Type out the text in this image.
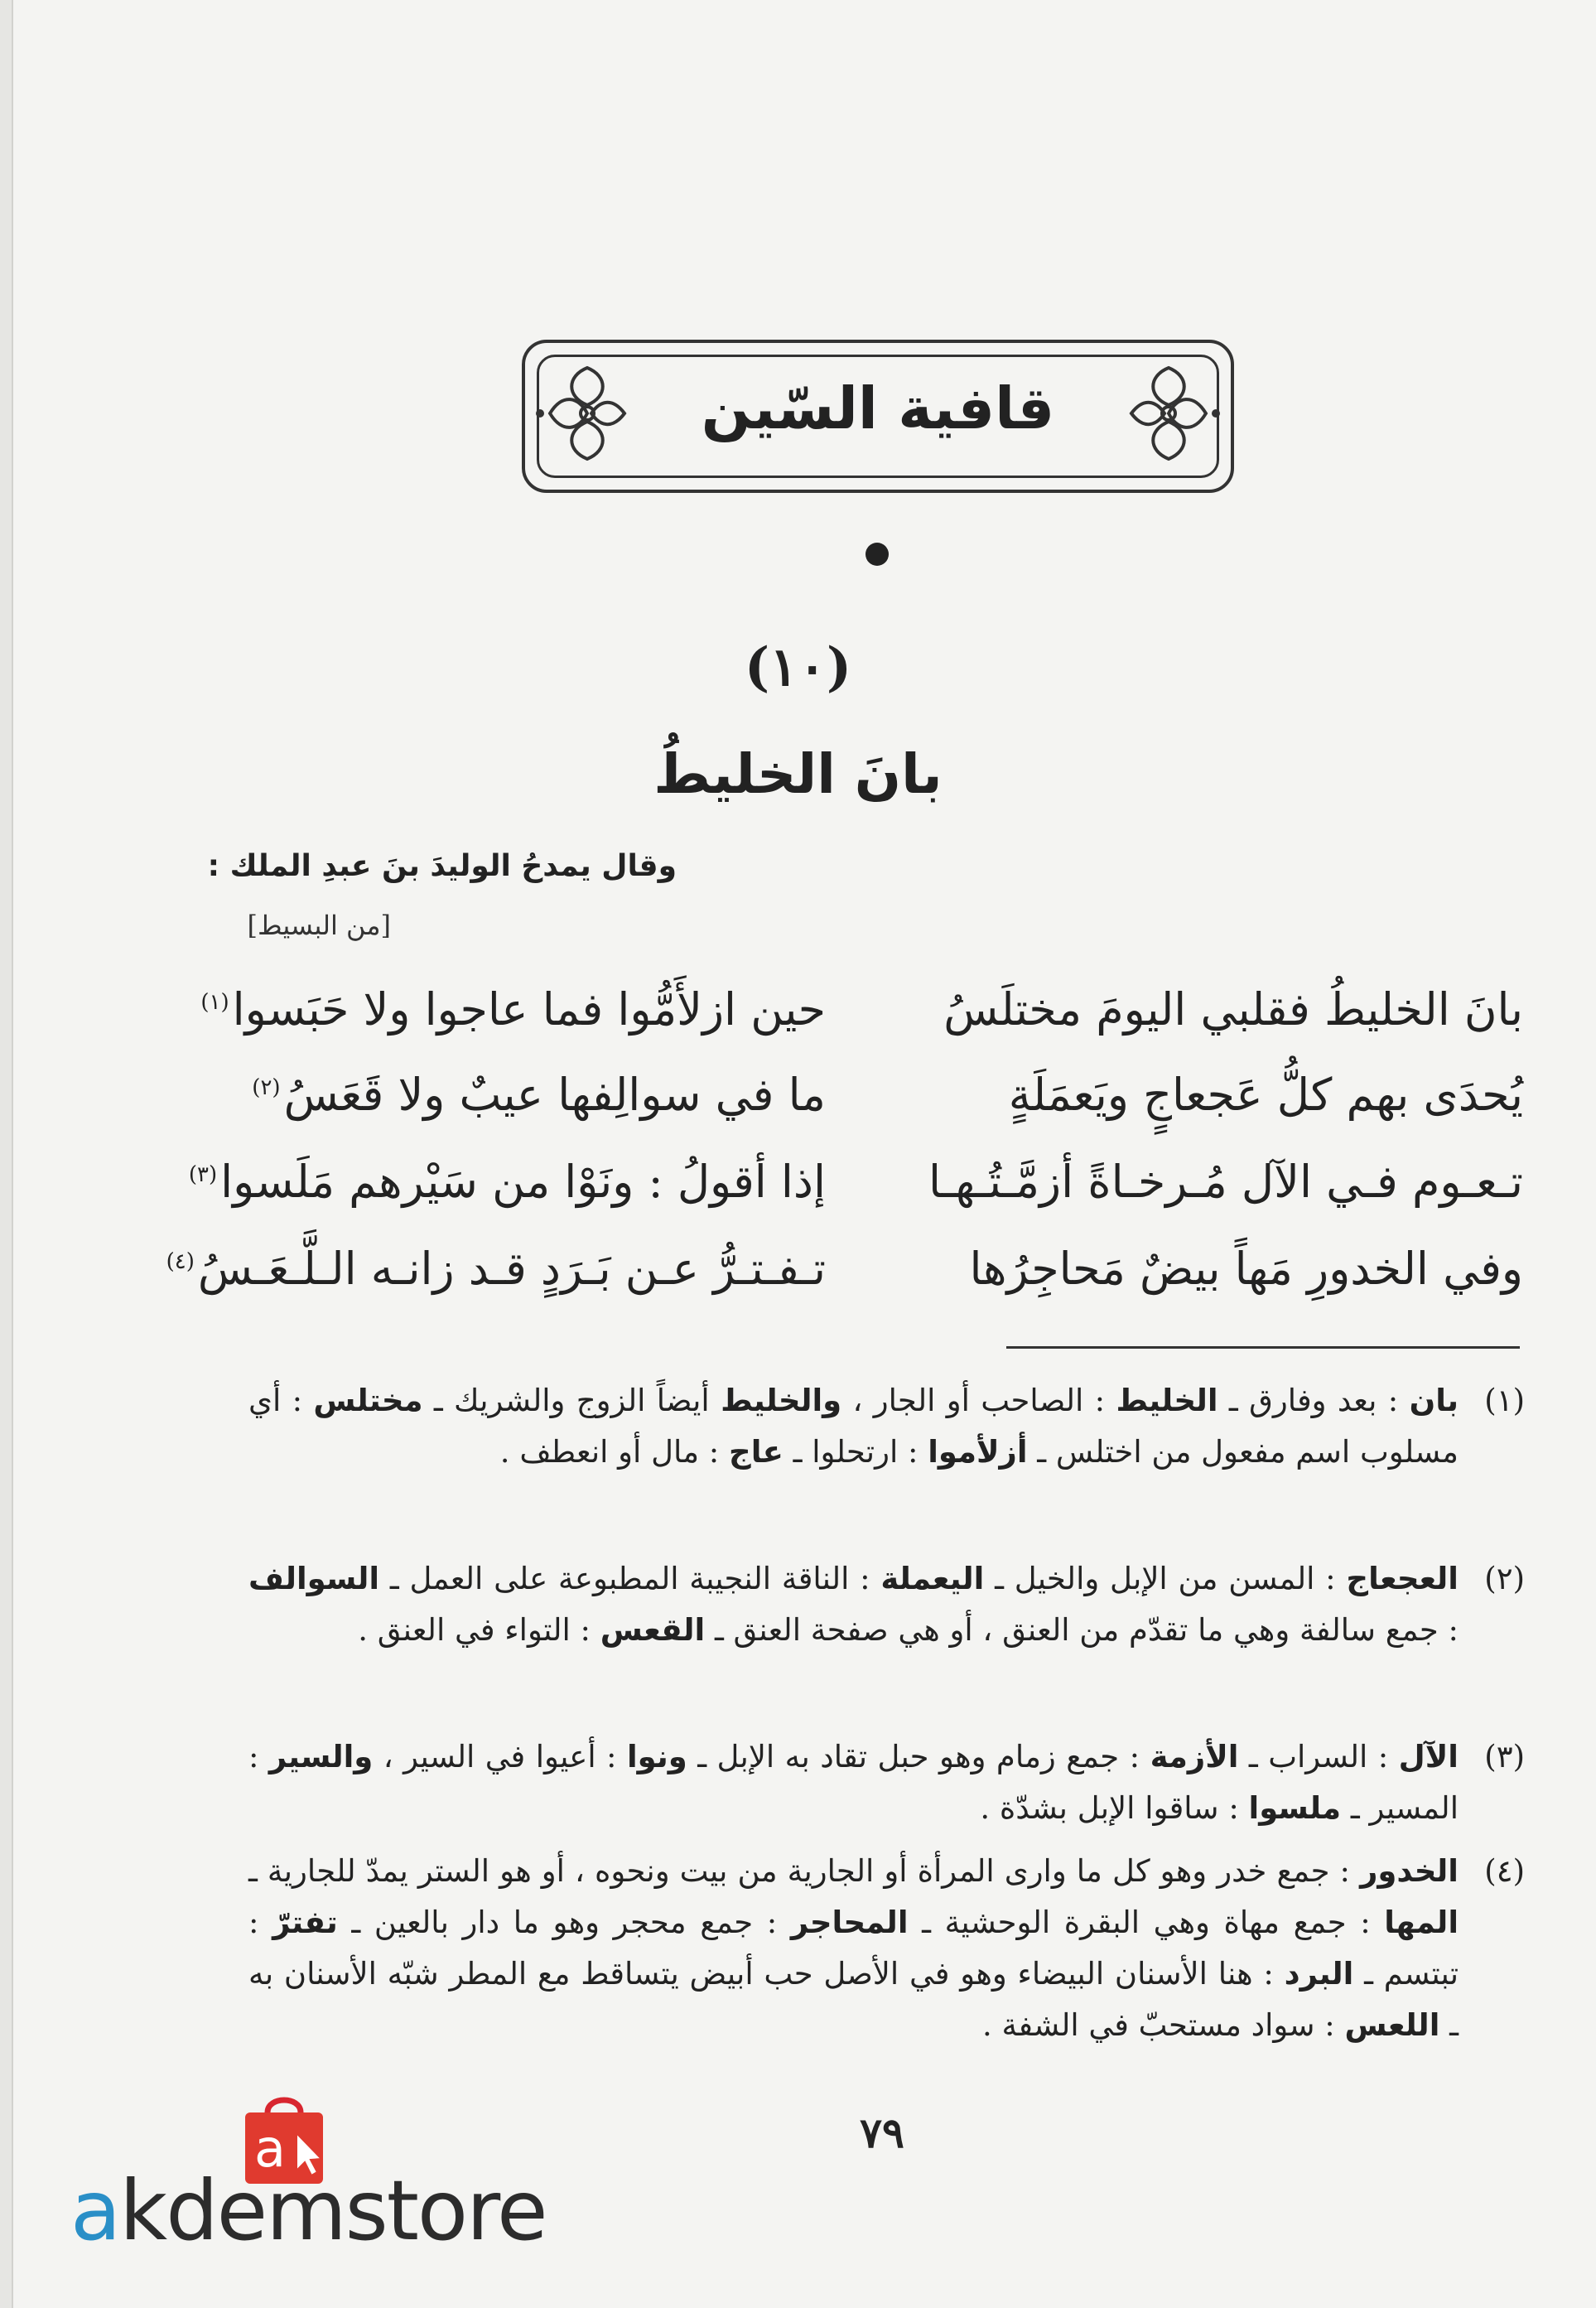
قافية السّين
(١٠)
بانَ الخليطُ
وقال يمدحُ الوليدَ بنَ عبدِ الملك :
[من البسيط]
بانَ الخليطُ فقلبي اليومَ مختلَسُ
حين ازلأَمُّوا فما عاجوا ولا حَبَسوا$^{(١)}$
يُحدَى بهم كلُّ عَجعاجٍ ويَعمَلَةٍ
ما في سوالِفها عيبٌ ولا قَعَسُ$^{(٢)}$
تـعـوم فـي الآل مُـرخـاةً أزمَّـتُـهـا
إذا أقولُ : ونَوْا من سَيْرهم مَلَسوا$^{(٣)}$
وفي الخدورِ مَهاً بيضٌ مَحاجِرُها
تـفـتـرُّ عـن بَـرَدٍ قـد زانـه الـلَّـعَـسُ$^{(٤)}$
(١)

بان : بعد وفارق ـ الخليط : الصاحب أو الجار ، والخليط أيضاً الزوج والشريك ـ مختلس : أي مسلوب اسم مفعول من اختلس ـ أزلأموا : ارتحلوا ـ عاج : مال أو انعطف .

(٢)

العجعاج : المسن من الإبل والخيل ـ اليعملة : الناقة النجيبة المطبوعة على العمل ـ السوالف : جمع سالفة وهي ما تقدّم من العنق ، أو هي صفحة العنق ـ القعس : التواء في العنق .

(٣)

الآل : السراب ـ الأزمة : جمع زمام وهو حبل تقاد به الإبل ـ ونوا : أعيوا في السير ، والسير : المسير ـ ملسوا : ساقوا الإبل بشدّة .

(٤)

الخدور : جمع خدر وهو كل ما وارى المرأة أو الجارية من بيت ونحوه ، أو هو الستر يمدّ للجارية ـ المها : جمع مهاة وهي البقرة الوحشية ـ المحاجر : جمع محجر وهو ما دار بالعين ـ تفترّ : تبتسم ـ البرد : هنا الأسنان البيضاء وهو في الأصل حب أبيض يتساقط مع المطر شبّه الأسنان به ـ اللعس : سواد مستحبّ في الشفة .

٧٩
a
akdemstore
